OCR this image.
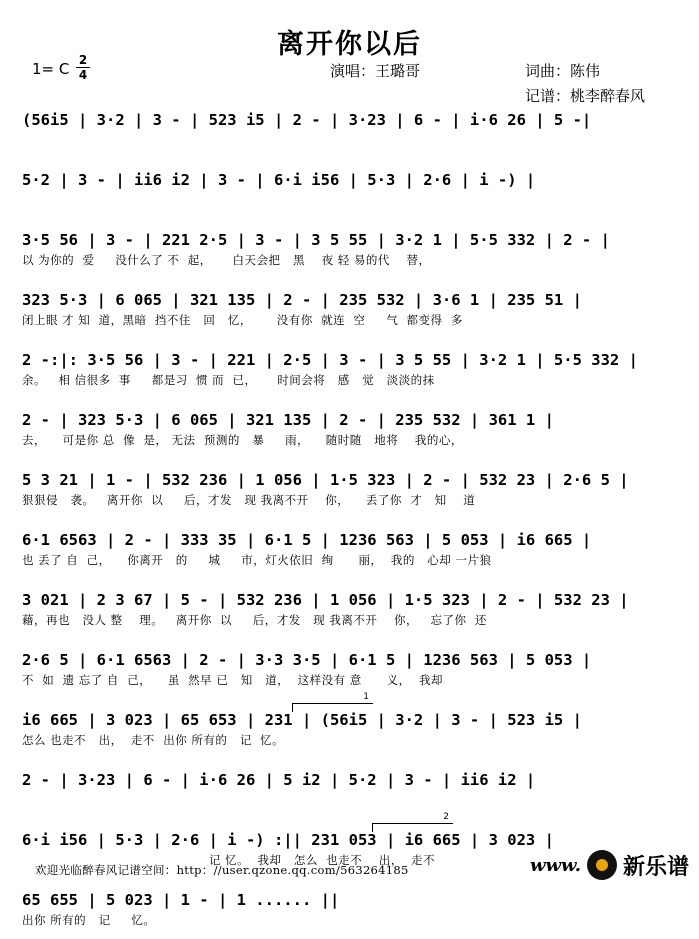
离开你以后
1= C 2
4	演唱：王璐哥	词曲：陈伟
记谱：桃李醉春风
(56i5 | 3·2 | 3 - | 523 i5 | 2 - | 3·23 | 6 - | i·6 26 | 5 -|
5·2 | 3 - | ii6 i2 | 3 - | 6·i i56 | 5·3 | 2·6 | i -) |
3·5 56 | 3 - | 221 2·5 | 3 - | 3 5 55 | 3·2 1 | 5·5 332 | 2 - |
以 为你的  爱     没什么了 不  起，     白天会把   黑    夜 轻 易的代    替，
323 5·3 | 6 065 | 321 135 | 2 - | 235 532 | 3·6 1 | 235 51 |
闭上眼 才 知  道，黑暗  挡不住   回   忆，      没有你  就连  空     气  都变得  多
2 -:|: 3·5 56 | 3 - | 221 | 2·5 | 3 - | 3 5 55 | 3·2 1 | 5·5 332 |
余。   相 信很多  事     都是习  惯 而  已，     时间会将   感   觉   淡淡的抹
2 - | 323 5·3 | 6 065 | 321 135 | 2 - | 235 532 | 361 1 |
去，    可是你 总  像  是， 无法  预测的   暴     雨，    随时随   地将    我的心，
5 3 21 | 1 - | 532 236 | 1 056 | 1·5 323 | 2 - | 532 23 | 2·6 5 |
狠狠侵   袭。   离开你  以     后，才发   现 我离不开    你，    丢了你  才   知    道
6·1 6563 | 2 - | 333 35 | 6·1 5 | 1236 563 | 5 053 | i6 665 |
也 丢了 自  己，    你离开   的     城     市，灯火依旧  绚      丽，  我的   心却 一片狼
3 021 | 2 3 67 | 5 - | 532 236 | 1 056 | 1·5 323 | 2 - | 532 23 |
藉，再也   没人 整    理。   离开你  以     后，才发   现 我离不开    你，   忘了你  还
2·6 5 | 6·1 6563 | 2 - | 3·3 3·5 | 6·1 5 | 1236 563 | 5 053 |
不  如  遗 忘了 自  己，    虽  然早 已   知   道，  这样没有 意      义，  我却
1
i6 665 | 3 023 | 65 653 | 231 | (56i5 | 3·2 | 3 - | 523 i5 |
怎么 也走不   出，  走不  出你 所有的   记  忆。
2 - | 3·23 | 6 - | i·6 26 | 5 i2 | 5·2 | 3 - | ii6 i2 |
2
6·i i56 | 5·3 | 2·6 | i -) :|| 231 053 | i6 665 | 3 023 |
记 忆。  我却   怎么  也走不    出，  走不
65 655 | 5 023 | 1 - | 1 ...... ||
出你 所有的   记     忆。
欢迎光临醉春风记谱空间：http：//user.qzone.qq.com/563264185	www. 新乐谱
